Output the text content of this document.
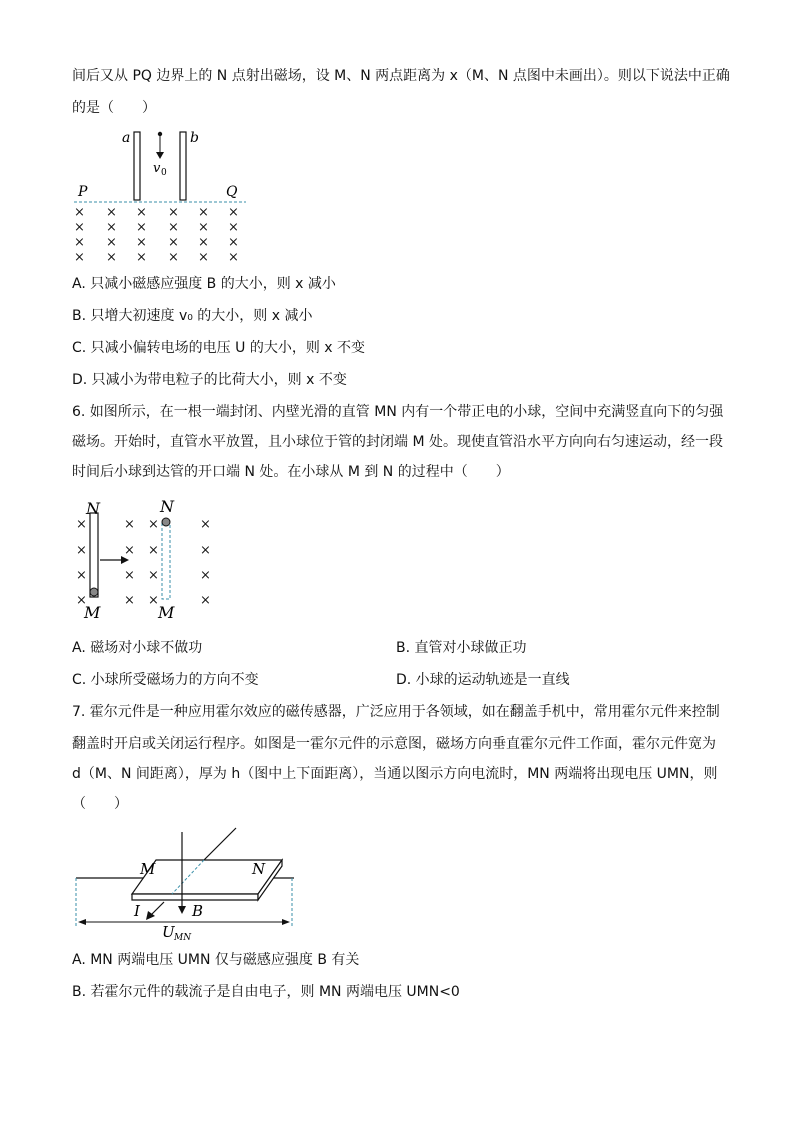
间后又从 PQ 边界上的 N 点射出磁场，设 M、N 两点距离为 x（M、N 点图中未画出）。则以下说法中正确
的是（　　）
a	b
v 0
P	Q
× × × × × ×
× × × × × ×
× × × × × ×
× × × × × ×
A. 只减小磁感应强度 B 的大小，则 x 减小
B. 只增大初速度 v₀ 的大小，则 x 减小
C. 只减小偏转电场的电压 U 的大小，则 x 不变
D. 只减小为带电粒子的比荷大小，则 x 不变
6. 如图所示，在一根一端封闭、内壁光滑的直管 MN 内有一个带正电的小球，空间中充满竖直向下的匀强
磁场。开始时，直管水平放置，且小球位于管的封闭端 M 处。现使直管沿水平方向向右匀速运动，经一段
时间后小球到达管的开口端 N 处。在小球从 M 到 N 的过程中（　　）
×	× ×	×
×	× ×	×
×	× ×	×
×	× ×	×
N
M
N
M
A. 磁场对小球不做功	B. 直管对小球做正功
C. 小球所受磁场力的方向不变	D. 小球的运动轨迹是一直线
7. 霍尔元件是一种应用霍尔效应的磁传感器，广泛应用于各领域，如在翻盖手机中，常用霍尔元件来控制
翻盖时开启或关闭运行程序。如图是一霍尔元件的示意图，磁场方向垂直霍尔元件工作面，霍尔元件宽为
d（M、N 间距离），厚为 h（图中上下面距离），当通以图示方向电流时，MN 两端将出现电压 UMN，则
（　　）
M	N
I	B
U MN
A. MN 两端电压 UMN 仅与磁感应强度 B 有关
B. 若霍尔元件的载流子是自由电子，则 MN 两端电压 UMN<0
